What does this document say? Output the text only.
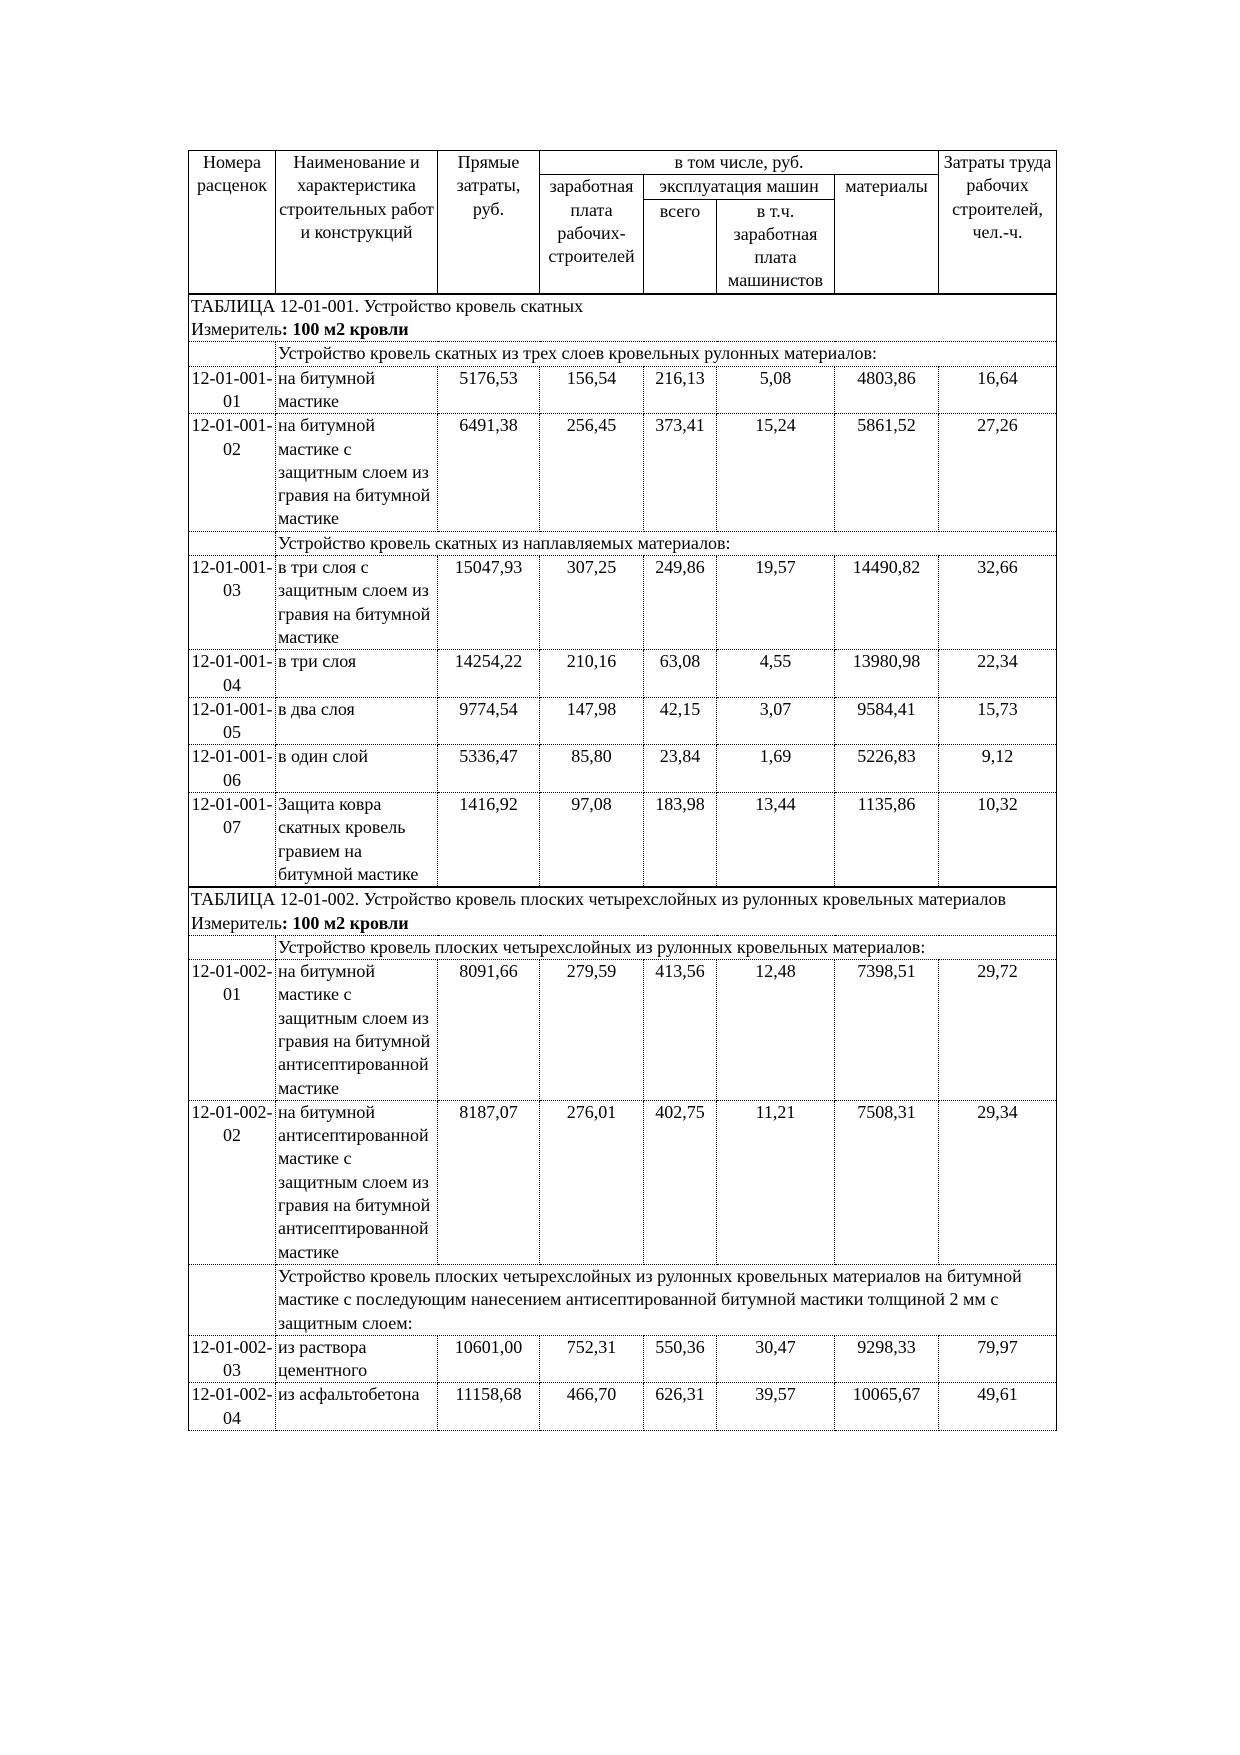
Номера расценок	Наименование и характеристика строительных работ и конструкций	Прямые затраты, руб.	в том числе, руб.				Затраты труда рабочих строителей, чел.-ч.
			заработная плата рабочих-строителей	эксплуатация машин		материалы	
				всего	в т.ч. заработная плата машинистов		
ТАБЛИЦА 12-01-001. Устройство кровель скатных							
Измеритель: 100 м2 кровли							
	Устройство кровель скатных из трех слоев кровельных рулонных материалов:						
12-01-001-01	на битумной мастике	5176,53	156,54	216,13	5,08	4803,86	16,64
12-01-001-02	на битумной мастике с защитным слоем из гравия на битумной мастике	6491,38	256,45	373,41	15,24	5861,52	27,26
	Устройство кровель скатных из наплавляемых материалов:						
12-01-001-03	в три слоя с защитным слоем из гравия на битумной мастике	15047,93	307,25	249,86	19,57	14490,82	32,66
12-01-001-04	в три слоя	14254,22	210,16	63,08	4,55	13980,98	22,34
12-01-001-05	в два слоя	9774,54	147,98	42,15	3,07	9584,41	15,73
12-01-001-06	в один слой	5336,47	85,80	23,84	1,69	5226,83	9,12
12-01-001-07	Защита ковра скатных кровель гравием на битумной мастике	1416,92	97,08	183,98	13,44	1135,86	10,32
ТАБЛИЦА 12-01-002. Устройство кровель плоских четырехслойных из рулонных кровельных материалов							
Измеритель: 100 м2 кровли							
	Устройство кровель плоских четырехслойных из рулонных кровельных материалов:						
12-01-002-01	на битумной мастике с защитным слоем из гравия на битумной антисептированной мастике	8091,66	279,59	413,56	12,48	7398,51	29,72
12-01-002-02	на битумной антисептированной мастике с защитным слоем из гравия на битумной антисептированной мастике	8187,07	276,01	402,75	11,21	7508,31	29,34
	Устройство кровель плоских четырехслойных из рулонных кровельных материалов на битумной мастике с последующим нанесением антисептированной битумной мастики толщиной 2 мм с защитным слоем:						
12-01-002-03	из раствора цементного	10601,00	752,31	550,36	30,47	9298,33	79,97
12-01-002-04	из асфальтобетона	11158,68	466,70	626,31	39,57	10065,67	49,61
